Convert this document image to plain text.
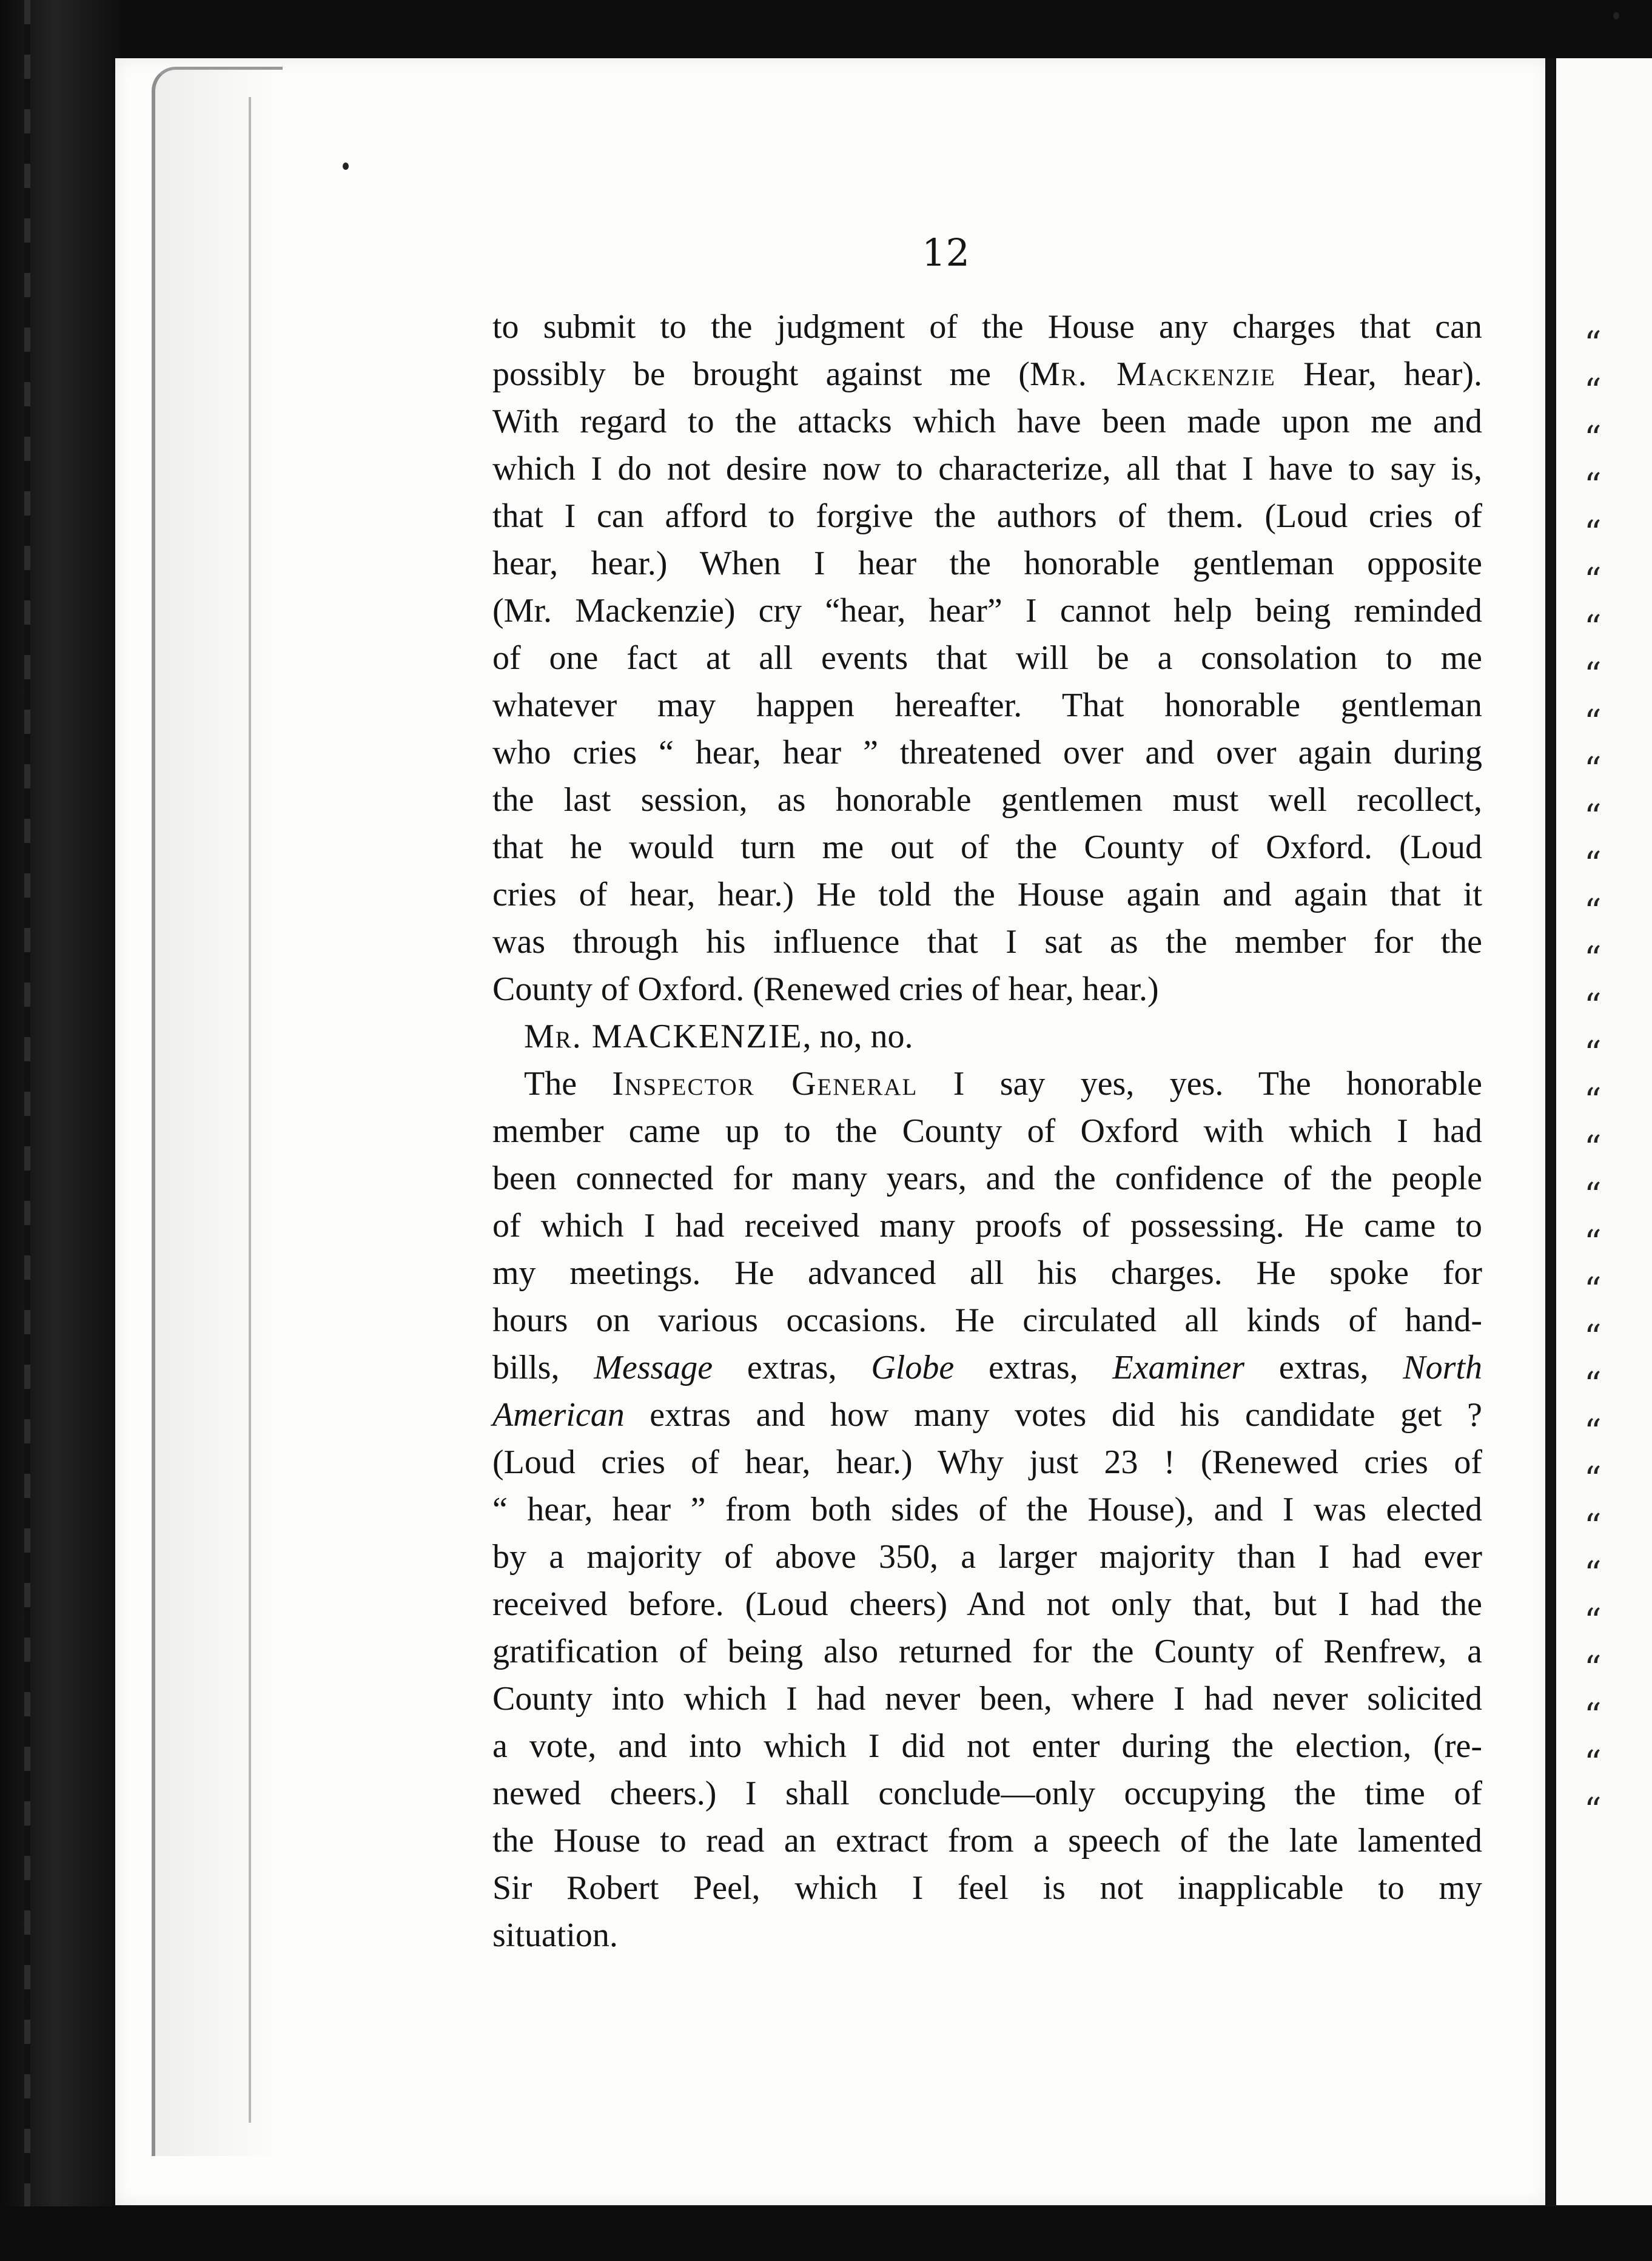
“
“
“
“
“
“
“
“
“
“
“
“
“
“
“
“
“
“
“
“
“
“
“
“
“
“
“
“
“
“
“
“
12
to submit to the judgment of the House any charges that can
possibly be brought against me (Mr. Mackenzie Hear, hear).
With regard to the attacks which have been made upon me and
which I do not desire now to characterize, all that I have to say is,
that I can afford to forgive the authors of them. (Loud cries of
hear, hear.) When I hear the honorable gentleman opposite
(Mr. Mackenzie) cry “hear, hear” I cannot help being reminded
of one fact at all events that will be a consolation to me
whatever may happen hereafter. That honorable gentleman
who cries “ hear, hear ” threatened over and over again during
the last session, as honorable gentlemen must well recollect,
that he would turn me out of the County of Oxford. (Loud
cries of hear, hear.) He told the House again and again that it
was through his influence that I sat as the member for the
County of Oxford. (Renewed cries of hear, hear.)
Mr. MACKENZIE, no, no.
The Inspector General I say yes, yes. The honorable
member came up to the County of Oxford with which I had
been connected for many years, and the confidence of the people
of which I had received many proofs of possessing. He came to
my meetings. He advanced all his charges. He spoke for
hours on various occasions. He circulated all kinds of hand-
bills, Message extras, Globe extras, Examiner extras, North
American extras and how many votes did his candidate get ?
(Loud cries of hear, hear.) Why just 23 ! (Renewed cries of
“ hear, hear ” from both sides of the House), and I was elected
by a majority of above 350, a larger majority than I had ever
received before. (Loud cheers) And not only that, but I had the
gratification of being also returned for the County of Renfrew, a
County into which I had never been, where I had never solicited
a vote, and into which I did not enter during the election, (re-
newed cheers.) I shall conclude—only occupying the time of
the House to read an extract from a speech of the late lamented
Sir Robert Peel, which I feel is not inapplicable to my
situation.
